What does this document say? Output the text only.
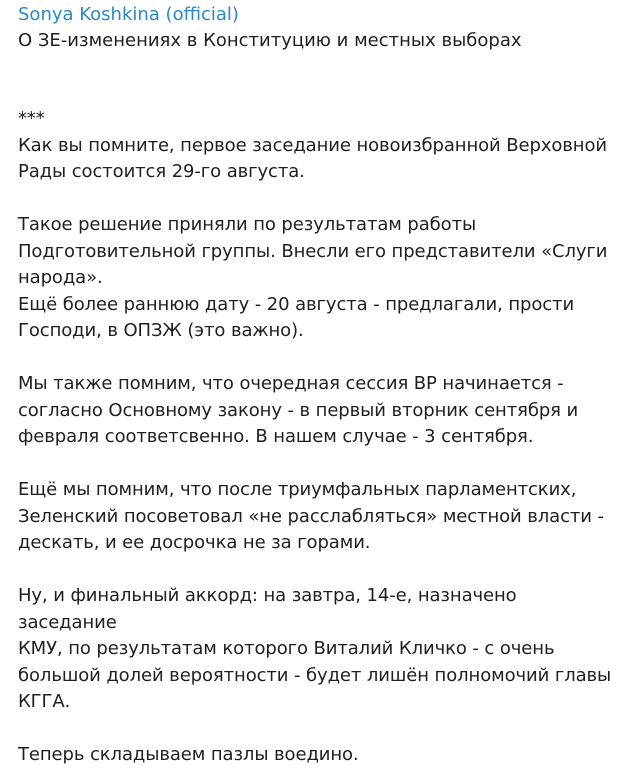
Sonya Koshkina (official)
О ЗЕ-изменениях в Конституцию и местных выборах

***
Как вы помните, первое заседание новоизбранной Верховной
Рады состоится 29-го августа.

Такое решение приняли по результатам работы
Подготовительной группы. Внесли его представители «Слуги
народа».
Ещё более раннюю дату - 20 августа - предлагали, прости
Господи, в ОПЗЖ (это важно).

Мы также помним, что очередная сессия ВР начинается -
согласно Основному закону - в первый вторник сентября и
февраля соответсвенно. В нашем случае - 3 сентября.

Ещё мы помним, что после триумфальных парламентских,
Зеленский посоветовал «не расслабляться» местной власти -
дескать, и ее досрочка не за горами.

Ну, и финальный аккорд: на завтра, 14-е, назначено заседание
КМУ, по результатам которого Виталий Кличко - с очень
большой долей вероятности - будет лишён полномочий главы
КГГА.

Теперь складываем пазлы воедино.
